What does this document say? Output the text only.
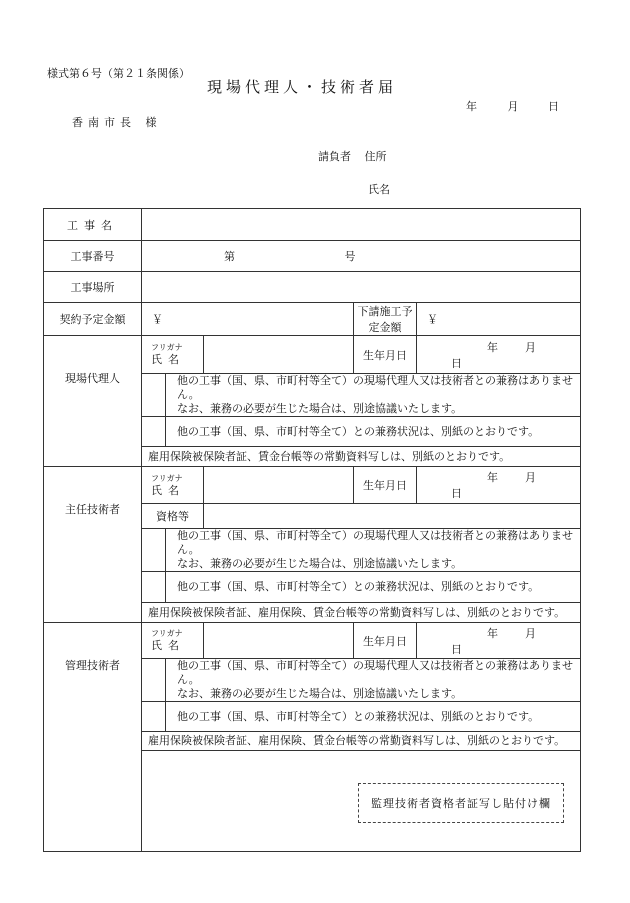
様式第６号（第２１条関係）
現場代理人・技術者届
年	月	日
香南市長 様
請負者 住所
氏名
工事名					
工事番号	第 号				
工事場所					
契約予定金額	￥			下請施工予定金額	￥
現場代理人	フリガナ
氏名			生年月日	年 月日

		他の工事（国、県、市町村等全て）の現場代理人又は技術者との兼務はありません。
なお、兼務の必要が生じた場合は、別途協議いたします。			

		他の工事（国、県、市町村等全て）との兼務状況は、別紙のとおりです。			
	雇用保険被保険者証、賃金台帳等の常勤資料写しは、別紙のとおりです。				
主任技術者	フリガナ
氏名			生年月日	年 月日
	資格等				

		他の工事（国、県、市町村等全て）の現場代理人又は技術者との兼務はありません。
なお、兼務の必要が生じた場合は、別途協議いたします。			

		他の工事（国、県、市町村等全て）との兼務状況は、別紙のとおりです。			
	雇用保険被保険者証、雇用保険、賃金台帳等の常勤資料写しは、別紙のとおりです。				
管理技術者	フリガナ
氏名			生年月日	年 月日

		他の工事（国、県、市町村等全て）の現場代理人又は技術者との兼務はありません。
なお、兼務の必要が生じた場合は、別途協議いたします。			

		他の工事（国、県、市町村等全て）との兼務状況は、別紙のとおりです。			
	雇用保険被保険者証、雇用保険、賃金台帳等の常勤資料写しは、別紙のとおりです。				

監理技術者資格者証写し貼付け欄				
